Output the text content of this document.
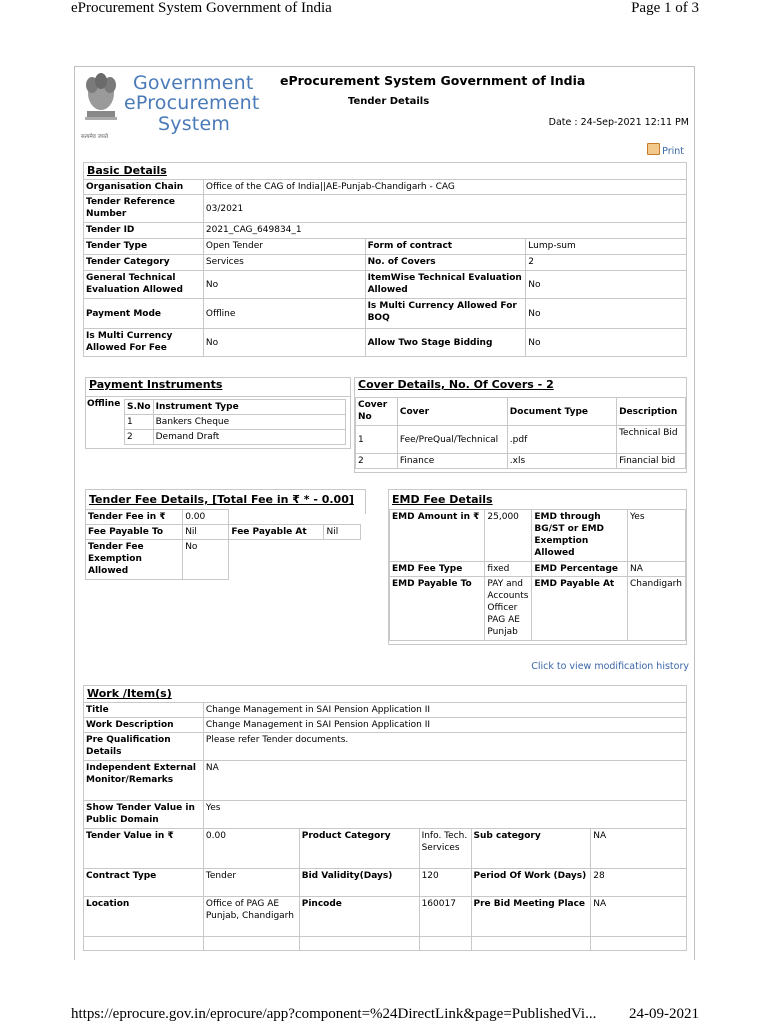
eProcurement System Government of India	Page 1 of 3
सत्यमेव जयते
Government
eProcurement
System
eProcurement System Government of India
Tender Details
Date : 24-Sep-2021 12:11 PM
Print
Basic Details			
Organisation Chain	Office of the CAG of India||AE-Punjab-Chandigarh - CAG		
Tender Reference Number	03/2021		
Tender ID	2021_CAG_649834_1		
Tender Type	Open Tender	Form of contract	Lump-sum
Tender Category	Services	No. of Covers	2
General Technical Evaluation Allowed	No	ItemWise Technical Evaluation Allowed	No
Payment Mode	Offline	Is Multi Currency Allowed For BOQ	No
Is Multi Currency Allowed For Fee	No	Allow Two Stage Bidding	No
Payment Instruments
Offline S.No	Instrument Type
1	Bankers Cheque
2	Demand Draft
Cover Details, No. Of Covers - 2
Cover No	Cover	Document Type	Description
1	Fee/PreQual/Technical	.pdf	Technical Bid
2	Finance	.xls	Financial bid
Tender Fee Details, [Total Fee in ₹ * - 0.00]
Tender Fee in ₹	0.00		
Fee Payable To	Nil	Fee Payable At	Nil
Tender Fee Exemption Allowed	No		
EMD Fee Details
EMD Amount in ₹	25,000	EMD through BG/ST or EMD Exemption Allowed	Yes
EMD Fee Type	fixed	EMD Percentage	NA
EMD Payable To	PAY and Accounts Officer PAG AE Punjab	EMD Payable At	Chandigarh
Click to view modification history
Work /Item(s)					
Title	Change Management in SAI Pension Application II				
Work Description	Change Management in SAI Pension Application II				
Pre Qualification Details	Please refer Tender documents.				
Independent External Monitor/Remarks	NA				
Show Tender Value in Public Domain	Yes				
Tender Value in ₹	0.00	Product Category	Info. Tech. Services	Sub category	NA
Contract Type	Tender	Bid Validity(Days)	120	Period Of Work (Days)	28
Location	Office of PAG AE Punjab, Chandigarh	Pincode	160017	Pre Bid Meeting Place	NA

https://eprocure.gov.in/eprocure/app?component=%24DirectLink&page=PublishedVi... 24-09-2021
